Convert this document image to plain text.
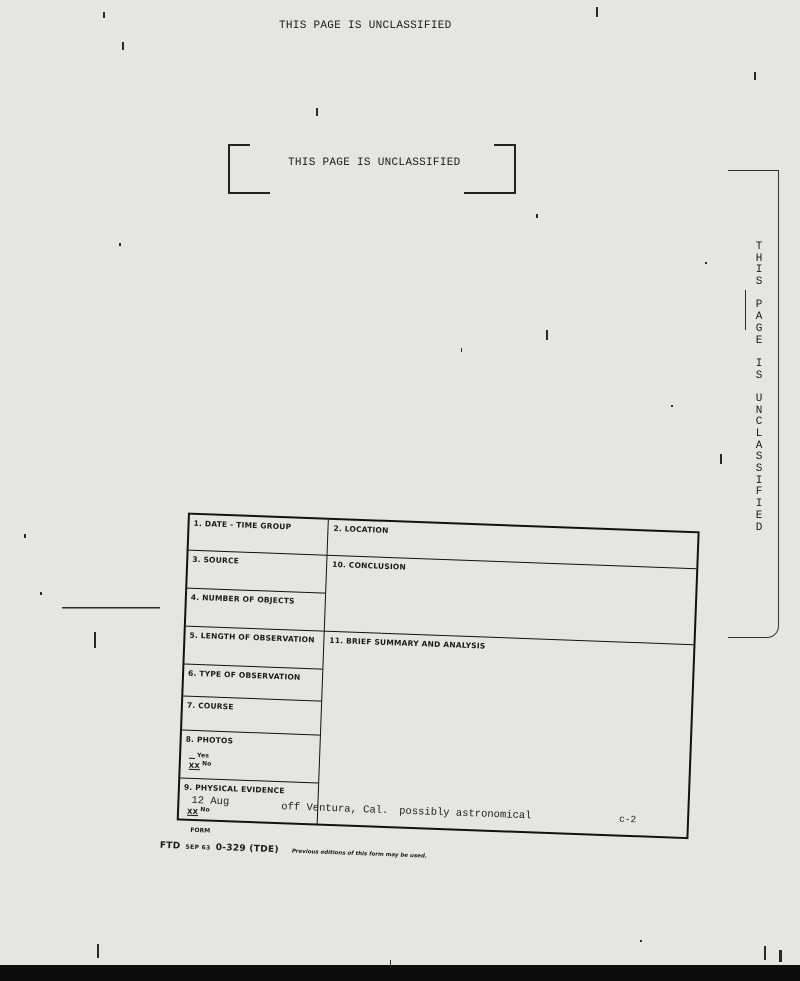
THIS PAGE IS UNCLASSIFIED
THIS PAGE IS UNCLASSIFIED
T
H
I
S

P
A
G
E

I
S

U
N
C
L
A
S
S
I
F
I
E
D
1. DATE - TIME GROUP
3. SOURCE
4. NUMBER OF OBJECTS
5. LENGTH OF OBSERVATION
6. TYPE OF OBSERVATION
7. COURSE
8. PHOTOS
Yes
XX No
9. PHYSICAL EVIDENCE
XX No
2. LOCATION
10. CONCLUSION
11. BRIEF SUMMARY AND ANALYSIS
12 Aug	off Ventura, Cal. possibly astronomical	c-2
FORM
FTD SEP 63 0-329 (TDE) Previous editions of this form may be used.
